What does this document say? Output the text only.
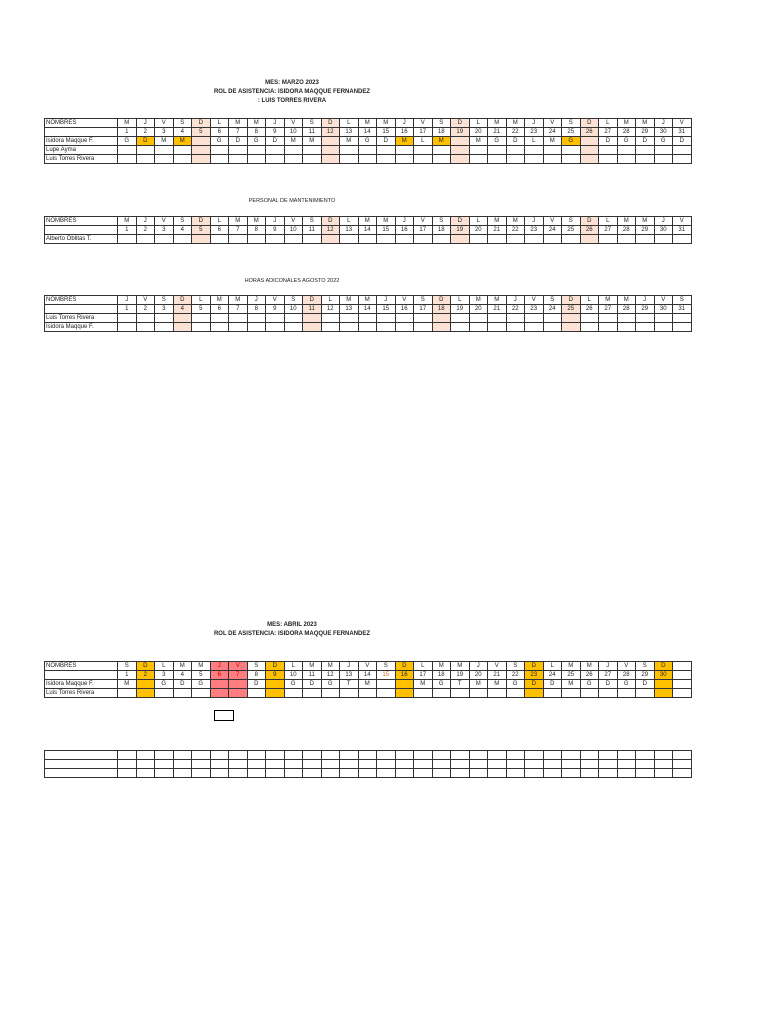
MES: MARZO 2023
ROL DE ASISTENCIA: ISIDORA MAQQUE FERNANDEZ
: LUIS TORRES RIVERA
NOMBRES	M	J	V	S	D	L	M	M	J	V	S	D	L	M	M	J	V	S	D	L	M	M	J	V	S	D	L	M	M	J	V
	1	2	3	4	5	6	7	8	9	10	11	12	13	14	15	16	17	18	19	20	21	22	23	24	25	26	27	28	29	30	31
Isidora Maqque F.	G	D	M	M		G	D	G	D	M	M		M	G	D	M	L	M		M	G	D	L	M	G		D	G	D	G	D
Lupe Ayma																															
Luis Torres Rivera																															
PERSONAL DE MANTENIMIENTO
NOMBRES	M	J	V	S	D	L	M	M	J	V	S	D	L	M	M	J	V	S	D	L	M	M	J	V	S	D	L	M	M	J	V
	1	2	3	4	5	6	7	8	9	10	11	12	13	14	15	16	17	18	19	20	21	22	23	24	25	26	27	28	29	30	31
Alberto Oblitas T.																															
HORAS ADICONALES AGOSTO 2022
NOMBRES	J	V	S	D	L	M	M	J	V	S	D	L	M	M	J	V	S	D	L	M	M	J	V	S	D	L	M	M	J	V	S
	1	2	3	4	5	6	7	8	9	10	11	12	13	14	15	16	17	18	19	20	21	22	23	24	25	26	27	28	29	30	31
Luis Torres Rivera																															
Isidora Maqque F.																															
MES: ABRIL 2023
ROL DE ASISTENCIA: ISIDORA MAQQUE FERNANDEZ
NOMBRES	S	D	L	M	M	J	V	S	D	L	M	M	J	V	S	D	L	M	M	J	V	S	D	L	M	M	J	V	S	D	
	1	2	3	4	5	6	7	8	9	10	11	12	13	14	15	16	17	18	19	20	21	22	23	24	25	26	27	28	29	30	
Isidora Maqque F.	M		G	D	G			D		G	D	G	T	M			M	G	T	M	M	G	D	D	M	G	D	G	D		
Luis Torres Rivera																															
